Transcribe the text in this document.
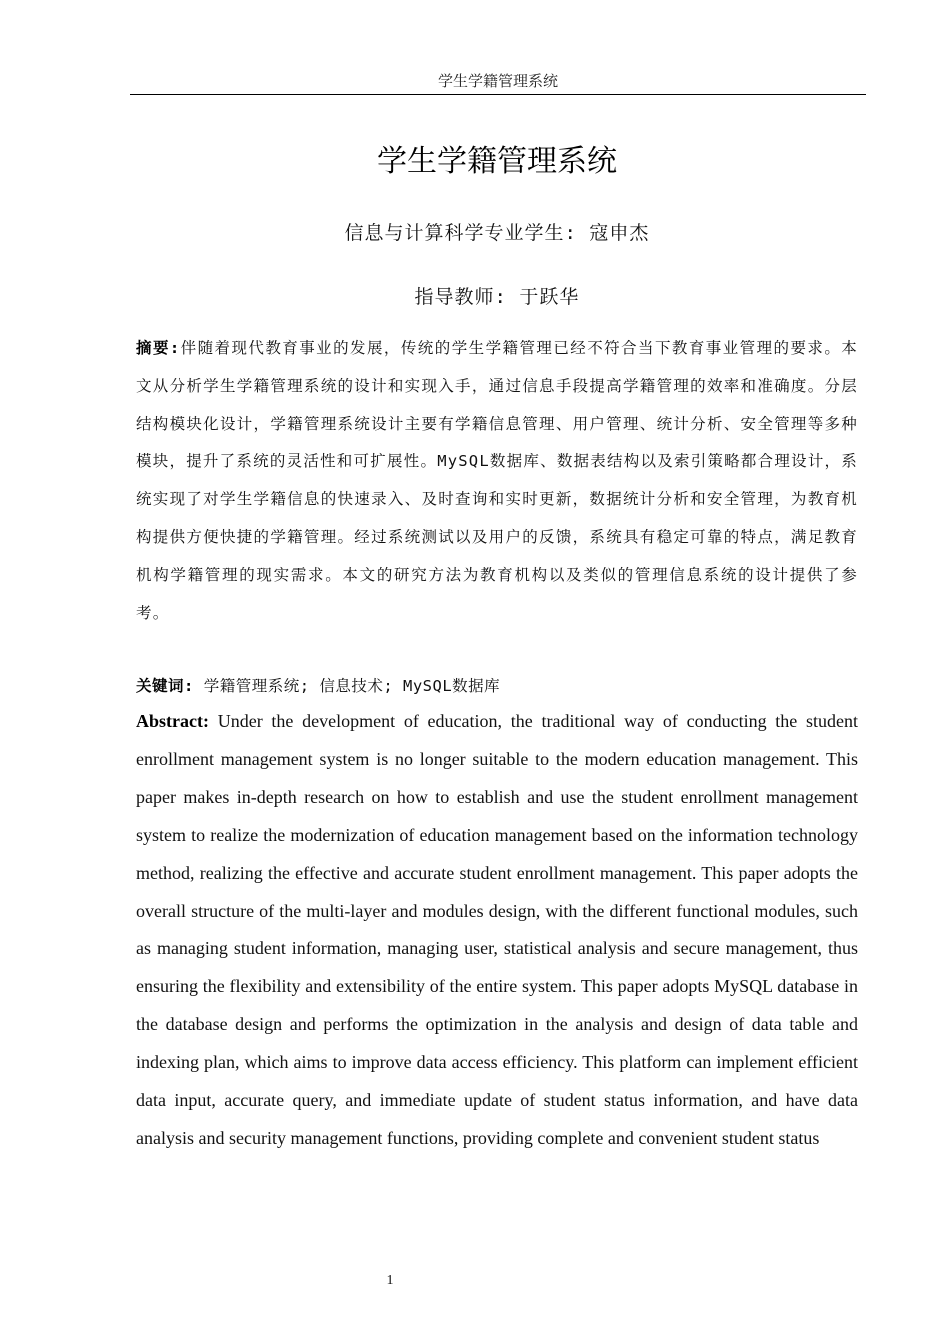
学生学籍管理系统
学生学籍管理系统
信息与计算科学专业学生: 寇申杰
指导教师: 于跃华

摘要:伴随着现代教育事业的发展，传统的学生学籍管理已经不符合当下教育事业管理的要求。本文从分析学生学籍管理系统的设计和实现入手，通过信息手段提高学籍管理的效率和准确度。分层结构模块化设计，学籍管理系统设计主要有学籍信息管理、用户管理、统计分析、安全管理等多种模块，提升了系统的灵活性和可扩展性。MySQL数据库、数据表结构以及索引策略都合理设计，系统实现了对学生学籍信息的快速录入、及时查询和实时更新，数据统计分析和安全管理，为教育机构提供方便快捷的学籍管理。经过系统测试以及用户的反馈，系统具有稳定可靠的特点，满足教育机构学籍管理的现实需求。本文的研究方法为教育机构以及类似的管理信息系统的设计提供了参考。

关键词: 学籍管理系统; 信息技术; MySQL数据库

Abstract: Under the development of education, the traditional way of conducting the student enrollment management system is no longer suitable to the modern education management. This paper makes in-depth research on how to establish and use the student enrollment management system to realize the modernization of education management based on the information technology method, realizing the effective and accurate student enrollment management. This paper adopts the overall structure of the multi-layer and modules design, with the different functional modules, such as managing student information, managing user, statistical analysis and secure management, thus ensuring the flexibility and extensibility of the entire system. This paper adopts MySQL database in the database design and performs the optimization in the analysis and design of data table and indexing plan, which aims to improve data access efficiency. This platform can implement efficient data input, accurate query, and immediate update of student status information, and have data analysis and security management functions, providing complete and convenient student status

1
